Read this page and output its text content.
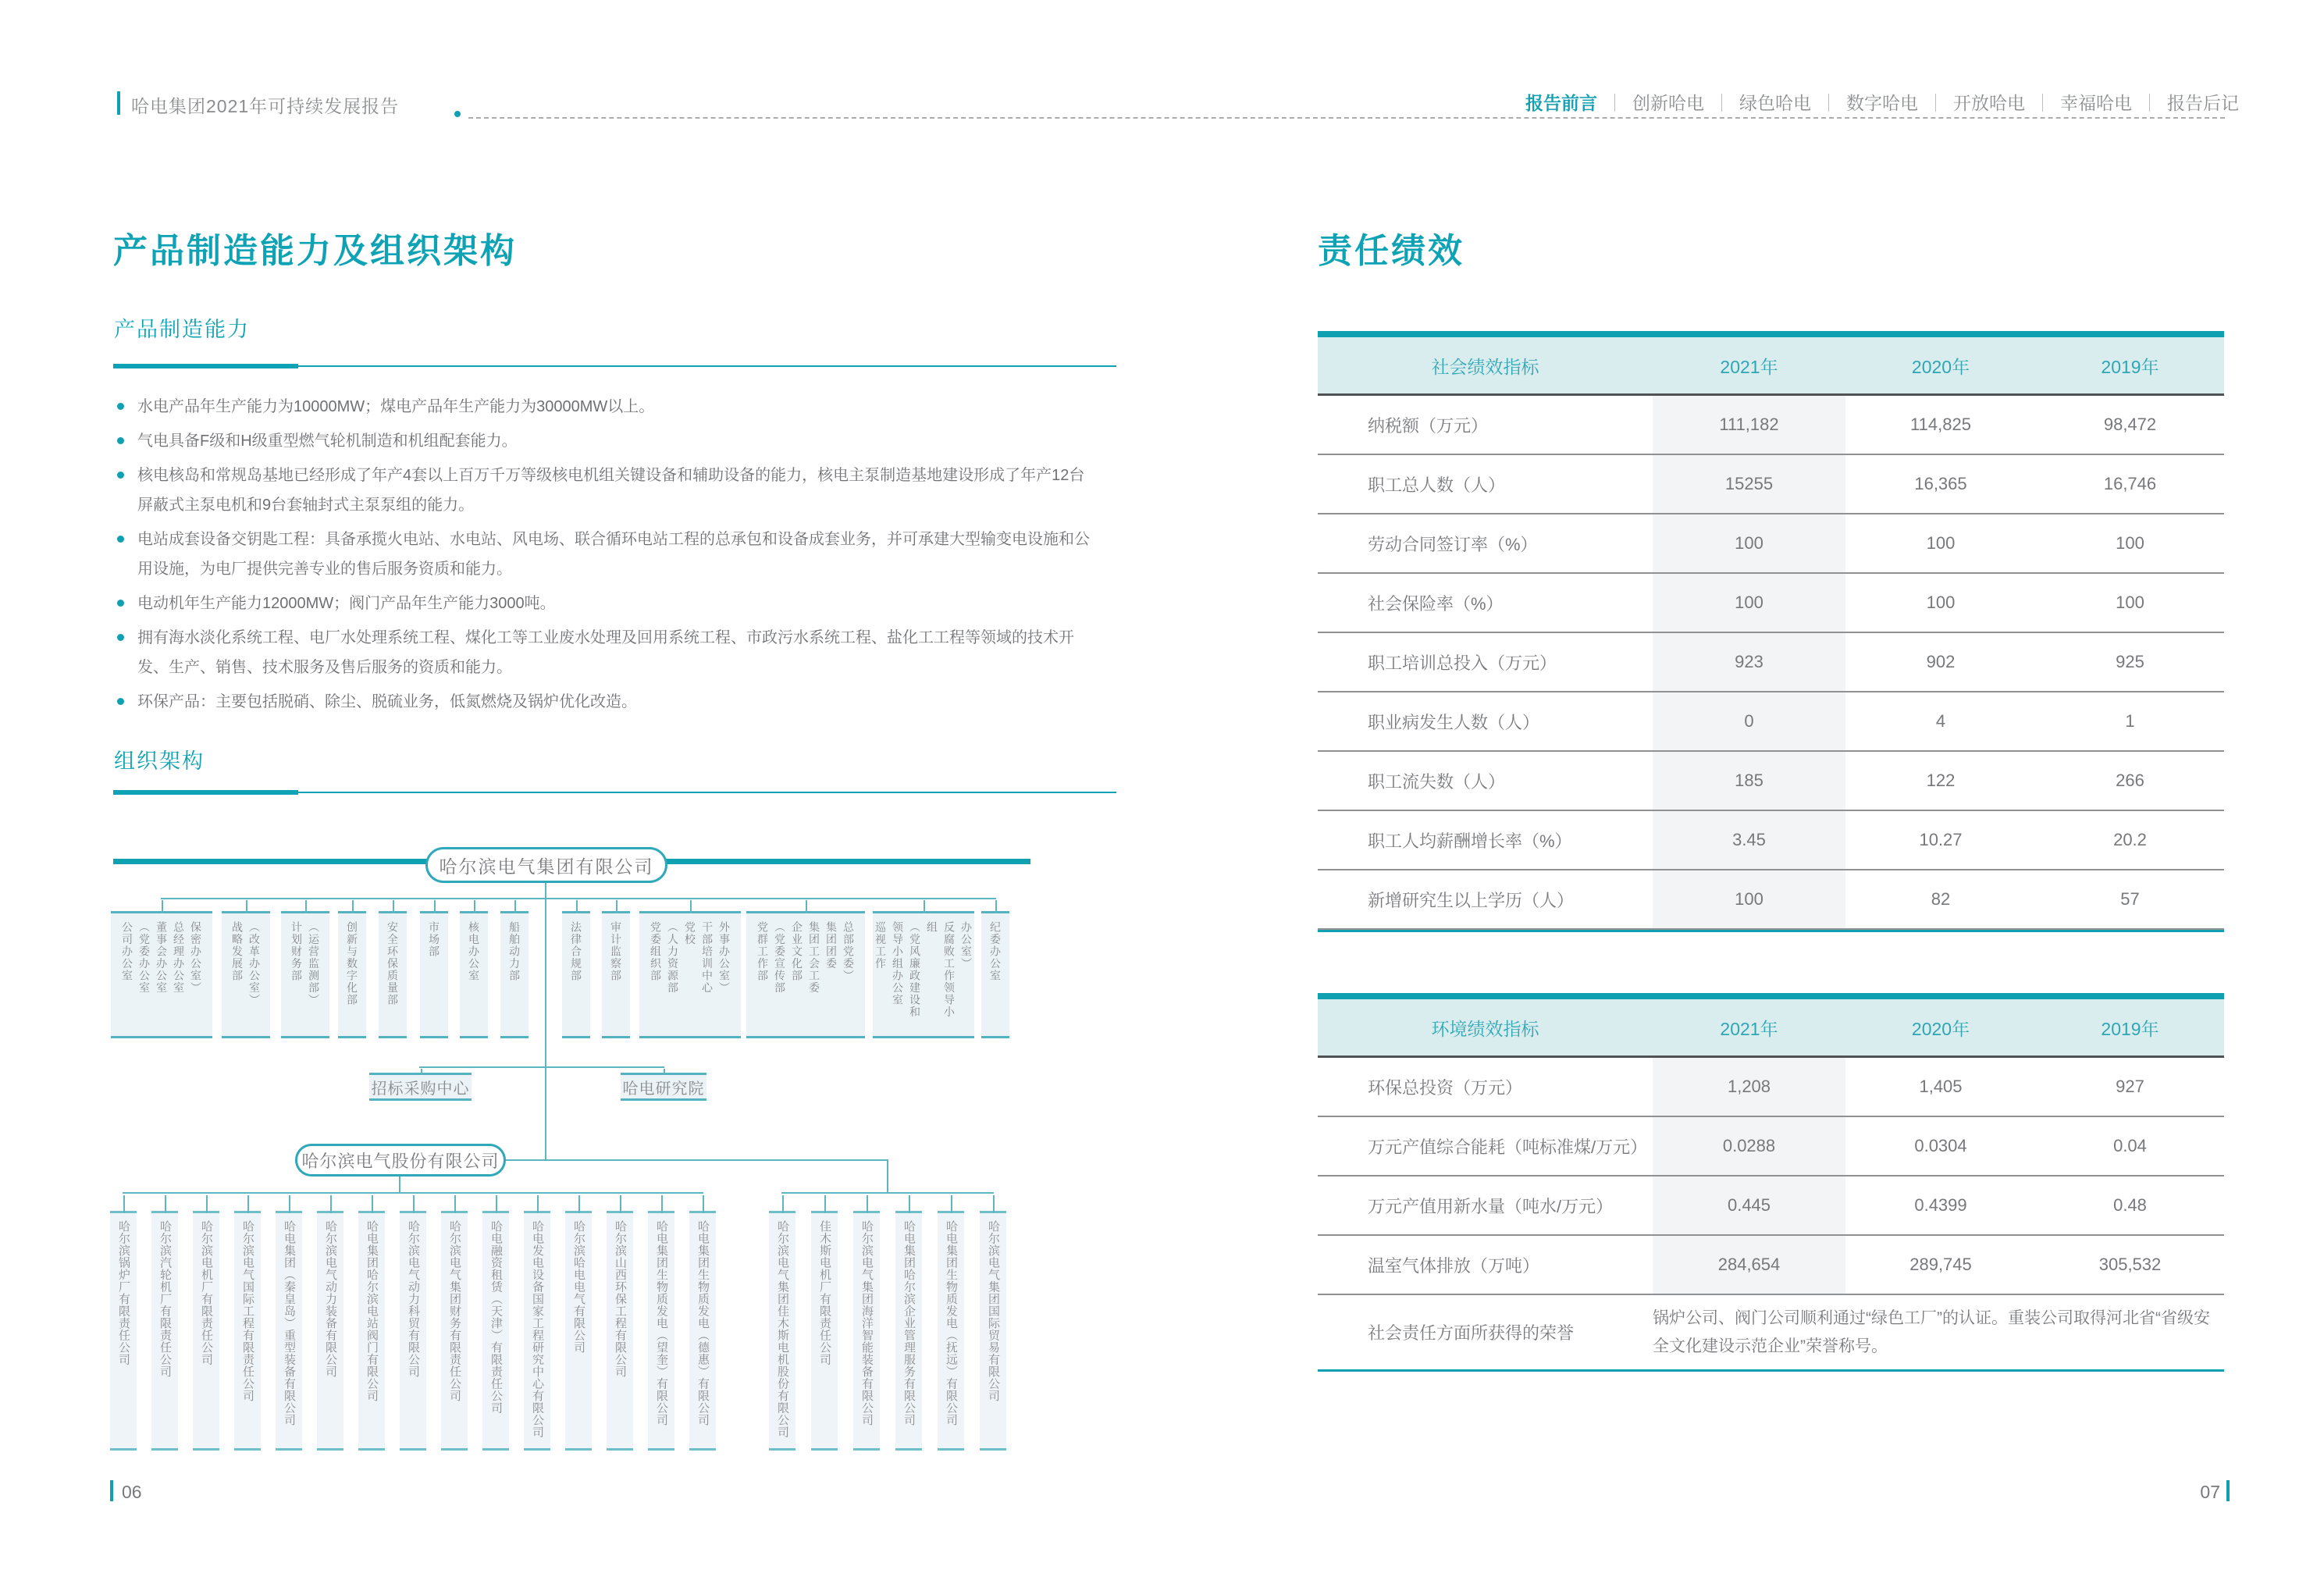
哈电集团2021年可持续发展报告	报告前言 ｜ 创新哈电 ｜ 绿色哈电 ｜ 数字哈电 ｜ 开放哈电 ｜ 幸福哈电 ｜ 报告后记
产品制造能力及组织架构
产品制造能力
水电产品年生产能力为10000MW；煤电产品年生产能力为30000MW以上。
气电具备F级和H级重型燃气轮机制造和机组配套能力。
核电核岛和常规岛基地已经形成了年产4套以上百万千万等级核电机组关键设备和辅助设备的能力，核电主泵制造基地建设形成了年产12台屏蔽式主泵电机和9台套轴封式主泵泵组的能力。
电站成套设备交钥匙工程：具备承揽火电站、水电站、风电场、联合循环电站工程的总承包和设备成套业务，并可承建大型输变电设施和公用设施，为电厂提供完善专业的售后服务资质和能力。
电动机年生产能力12000MW；阀门产品年生产能力3000吨。
拥有海水淡化系统工程、电厂水处理系统工程、煤化工等工业废水处理及回用系统工程、市政污水系统工程、盐化工工程等领域的技术开发、生产、销售、技术服务及售后服务的资质和能力。
环保产品：主要包括脱硝、除尘、脱硫业务，低氮燃烧及锅炉优化改造。
组织架构
哈尔滨电气集团有限公司
招标采购中心	哈电研究院
哈尔滨电气股份有限公司
公司办公室 （党委办公室 董事会办公室 总经理办公室 保密办公室）	战略发展部 （改革办公室）	计划财务部 （运营监测部） 创新与数字化部	安全环保质量部	市场部	核电办公室	船舶动力部	法律合规部	审计监察部	党委组织部 （人力资源部 党校 干部培训中心 外事办公室） 党群工作部 （党委宣传部 企业文化部 集团工会工委 集团团委 总部党委） 巡视工作 领导小组办公室 （党风廉政建设和	反腐败工作领导小组	办公室） 纪委办公室
哈尔滨锅炉厂有限责任公司 哈尔滨汽轮机厂有限责任公司 哈尔滨电机厂有限责任公司 哈尔滨电气国际工程有限责任公司 哈电集团（秦皇岛）重型装备有限公司 哈尔滨电气动力装备有限公司 哈电集团哈尔滨电站阀门有限公司 哈尔滨电气动力科贸有限公司 哈尔滨电气集团财务有限责任公司 哈电融资租赁（天津）有限责任公司 哈电发电设备国家工程研究中心有限公司 哈尔滨哈电电气有限公司 哈尔滨山西环保工程有限公司 哈电集团生物质发电（望奎）有限公司 哈电集团生物质发电（德惠）有限公司	哈尔滨电气集团佳木斯电机股份有限公司 佳木斯电机厂有限责任公司 哈尔滨电气集团海洋智能装备有限公司 哈电集团哈尔滨企业管理服务有限公司 哈电集团生物质发电（抚远）有限公司 哈尔滨电气集团国际贸易有限公司
06
责任绩效
社会绩效指标	2021年	2020年	2019年
纳税额（万元）	111,182	114,825	98,472
职工总人数（人）	15255	16,365	16,746
劳动合同签订率（%）	100	100	100
社会保险率（%）	100	100	100
职工培训总投入（万元）	923	902	925
职业病发生人数（人）	0	4	1
职工流失数（人）	185	122	266
职工人均薪酬增长率（%）	3.45	10.27	20.2
新增研究生以上学历（人）	100	82	57
环境绩效指标	2021年	2020年	2019年
环保总投资（万元）	1,208	1,405	927
万元产值综合能耗（吨标准煤/万元）	0.0288	0.0304	0.04
万元产值用新水量（吨水/万元）	0.445	0.4399	0.48
温室气体排放（万吨）	284,654	289,745	305,532
社会责任方面所获得的荣誉
锅炉公司、阀门公司顺利通过“绿色工厂”的认证。重装公司取得河北省“省级安全文化建设示范企业”荣誉称号。
07
